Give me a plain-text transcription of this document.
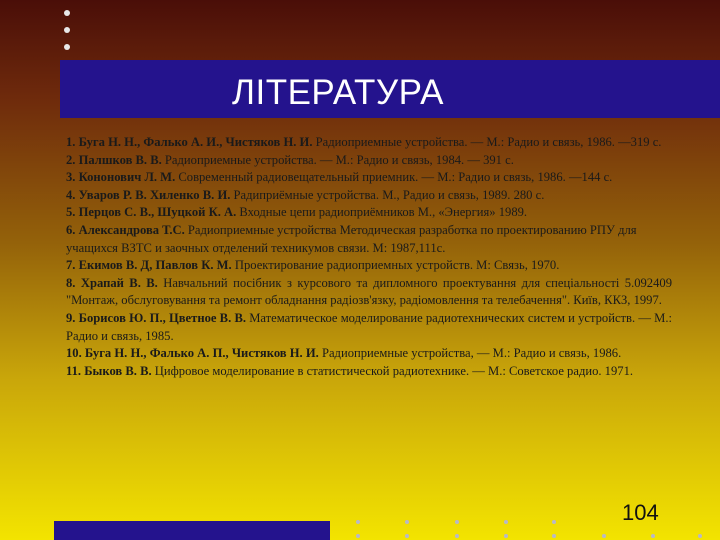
ЛІТЕРАТУРА

1. Буга Н. Н., Фалько А. И., Чистяков Н. И. Радиоприемные устройства. — М.: Радио и связь, 1986. —319 с.

2. Палшков В. В. Радиоприемные устройства. — М.: Радио и связь, 1984. — 391 с.

3. Кононович Л. М. Современный радиовещательный приемник. — М.: Радио и связь, 1986. —144 с.

4. Уваров Р. В. Хиленко В. И. Радиприёмные устройства. М., Радио и связь, 1989. 280 с.

5. Перцов С. В., Шуцкой К. А. Входные цепи радиоприёмников М., «Энергия» 1989.

6. Александрова Т.С. Радиоприемные устройства Методическая разработка по проектированию РПУ для учащихся ВЗТС и заочных отделений техникумов связи. М: 1987,111с.

7. Екимов В. Д, Павлов К. М. Проектирование радиоприемных устройств. М: Связь, 1970.

8. Храпай В. В. Навчальний посібник з курсового та дипломного проектування для спеціальності 5.092409 "Монтаж, обслуговування та ремонт обладнання радіозв'язку, радіомовлення та телебачення". Київ, ККЗ, 1997.

9. Борисов Ю. П., Цветное В. В. Математическое моделирование радиотехнических систем и устройств. — М.: Радио и связь, 1985.

10. Буга Н. Н., Фалько А. П., Чистяков Н. И. Радиоприемные устройства, — М.: Радио и связь, 1986.

11. Быков В. В. Цифровое моделирование в статистической радиотехнике. — М.: Советское радио. 1971.

104
